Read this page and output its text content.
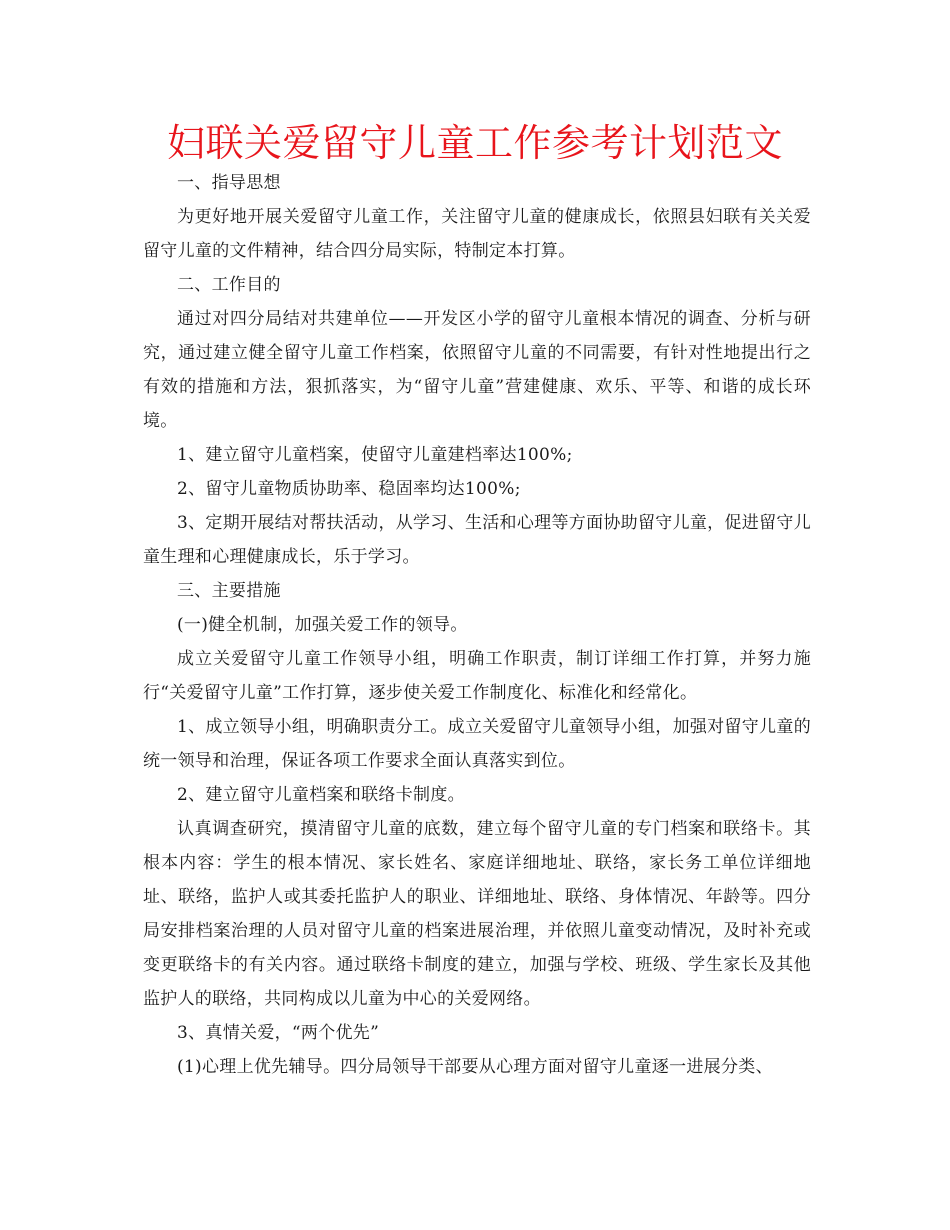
妇联关爱留守儿童工作参考计划范文

一、指导思想

为更好地开展关爱留守儿童工作，关注留守儿童的健康成长，依照县妇联有关关爱留守儿童的文件精神，结合四分局实际，特制定本打算。

二、工作目的

通过对四分局结对共建单位——开发区小学的留守儿童根本情况的调查、分析与研究，通过建立健全留守儿童工作档案，依照留守儿童的不同需要，有针对性地提出行之有效的措施和方法，狠抓落实，为“留守儿童”营建健康、欢乐、平等、和谐的成长环境。

1、建立留守儿童档案，使留守儿童建档率达100%;

2、留守儿童物质协助率、稳固率均达100%;

3、定期开展结对帮扶活动，从学习、生活和心理等方面协助留守儿童，促进留守儿童生理和心理健康成长，乐于学习。

三、主要措施

(一)健全机制，加强关爱工作的领导。

成立关爱留守儿童工作领导小组，明确工作职责，制订详细工作打算，并努力施行“关爱留守儿童”工作打算，逐步使关爱工作制度化、标准化和经常化。

1、成立领导小组，明确职责分工。成立关爱留守儿童领导小组，加强对留守儿童的统一领导和治理，保证各项工作要求全面认真落实到位。

2、建立留守儿童档案和联络卡制度。

认真调查研究，摸清留守儿童的底数，建立每个留守儿童的专门档案和联络卡。其根本内容：学生的根本情况、家长姓名、家庭详细地址、联络，家长务工单位详细地址、联络，监护人或其委托监护人的职业、详细地址、联络、身体情况、年龄等。四分局安排档案治理的人员对留守儿童的档案进展治理，并依照儿童变动情况，及时补充或变更联络卡的有关内容。通过联络卡制度的建立，加强与学校、班级、学生家长及其他监护人的联络，共同构成以儿童为中心的关爱网络。

3、真情关爱，“两个优先”

(1)心理上优先辅导。四分局领导干部要从心理方面对留守儿童逐一进展分类、
